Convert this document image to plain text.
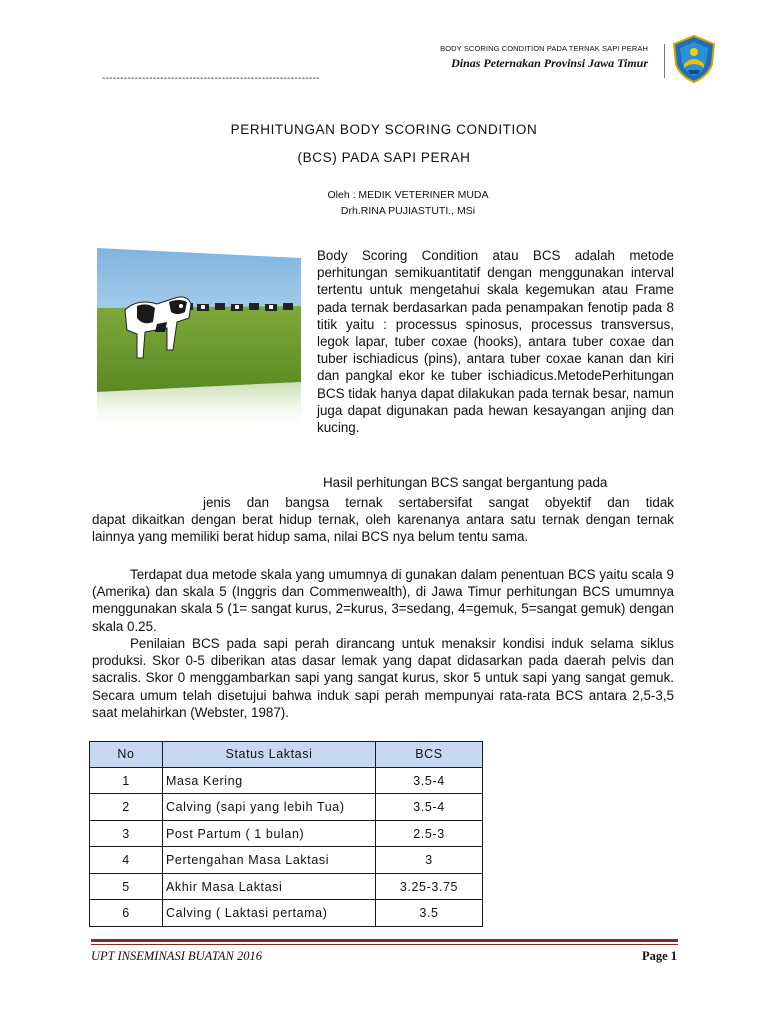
BODY SCORING CONDITION PADA TERNAK SAPI PERAH
Dinas Peternakan Provinsi Jawa Timur
------------------------------------------------------------
PERHITUNGAN BODY SCORING CONDITION
(BCS) PADA SAPI PERAH
Oleh : MEDIK VETERINER MUDA
Drh.RINA PUJIASTUTI., MSi
Body Scoring Condition atau BCS adalah metode perhitungan semikuantitatif dengan menggunakan interval tertentu untuk mengetahui skala kegemukan atau Frame pada ternak berdasarkan pada penampakan fenotip pada 8 titik yaitu : processus spinosus, processus transversus, legok lapar, tuber coxae (hooks), antara tuber coxae dan tuber ischiadicus (pins), antara tuber coxae kanan dan kiri dan pangkal ekor ke tuber ischiadicus.MetodePerhitungan BCS tidak hanya dapat dilakukan pada ternak besar, namun juga dapat digunakan pada hewan kesayangan anjing dan kucing.
Hasil perhitungan BCS sangat bergantung pada
jenis dan bangsa ternak sertabersifat sangat obyektif dan tidak
dapat dikaitkan dengan berat hidup ternak, oleh karenanya antara satu ternak dengan ternak lainnya yang memiliki berat hidup sama, nilai BCS nya belum tentu sama.
Terdapat dua metode skala yang umumnya di gunakan dalam penentuan BCS yaitu scala 9 (Amerika) dan skala 5 (Inggris dan Commenwealth), di Jawa Timur perhitungan BCS umumnya menggunakan skala 5 (1= sangat kurus, 2=kurus, 3=sedang, 4=gemuk, 5=sangat gemuk) dengan skala 0.25.
Penilaian BCS pada sapi perah dirancang untuk menaksir kondisi induk selama siklus produksi. Skor 0-5 diberikan atas dasar lemak yang dapat didasarkan pada daerah pelvis dan sacralis. Skor 0 menggambarkan sapi yang sangat kurus, skor 5 untuk sapi yang sangat gemuk. Secara umum telah disetujui bahwa induk sapi perah mempunyai rata-rata BCS antara 2,5-3,5 saat melahirkan (Webster, 1987).
No	Status Laktasi	BCS
1	Masa Kering	3.5-4
2	Calving (sapi yang lebih Tua)	3.5-4
3	Post Partum ( 1 bulan)	2.5-3
4	Pertengahan Masa Laktasi	3
5	Akhir Masa Laktasi	3.25-3.75
6	Calving ( Laktasi pertama)	3.5
UPT INSEMINASI BUATAN 2016	Page 1
